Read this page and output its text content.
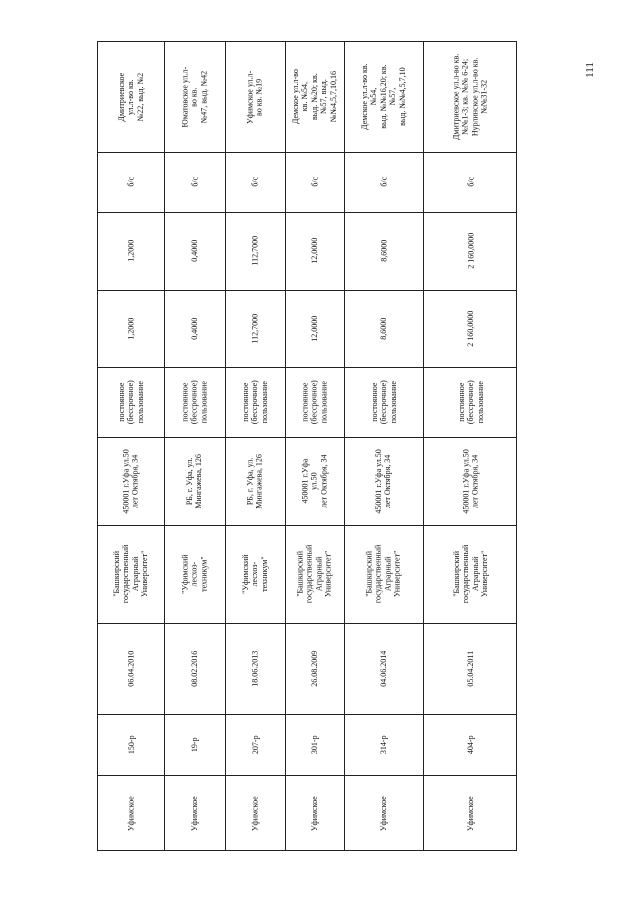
111
Дмитриевское ул.л-во кв.
№22, выд. №2
б/с
1,2000
1,2000
постоянное
(бессрочное)
пользование
450001 г.Уфа ул.50
лет Октября, 34
"Башкирский
государственный
Аграрный
Университет"
06.04.2010
150-р
Уфимское
Юматовское ул.л-во кв.
№47, выд. №42
б/с
0,4000
0,4000
постоянное
(бессрочное)
пользование
РБ, г. Уфа, ул.
Мингажева, 126
"Уфимский лесхоз-
техникум"
08.02.2016
19-р
Уфимское
Уфимское ул.л-во кв. №19
б/с
112,7000
112,7000
постоянное
(бессрочное)
пользование
РБ, г. Уфа, ул.
Мингажева, 126
"Уфимский лесхоз-
техникум"
18.06.2013
207-р
Уфимское
Демское ул.л-во кв. №54,
выд. №20; кв. №57, выд.
№№4,5,7,10,16
б/с
12,0000
12,0000
постоянное
(бессрочное)
пользование
450001 г.Уфа ул.50
лет Октября, 34
"Башкирский
государственный
Аграрный
Университет"
26.08.2009
301-р
Уфимское
Демское ул.л-во кв. №54,
выд. №№16,20; кв. №57,
выд. №№4,5,7,10
б/с
8,6000
8,6000
постоянное
(бессрочное)
пользование
450001 г.Уфа ул.50
лет Октября, 34
"Башкирский
государственный
Аграрный
Университет"
04.06.2014
314-р
Уфимское
Дмитриевское ул.л-во кв.
№№1-3; кв. №№ 6-24;
Нурлинское ул.л-во кв.
№№31-32
б/с
2 160,0000
2 160,0000
постоянное
(бессрочное)
пользование
450001 г.Уфа ул.50
лет Октября, 34
"Башкирский
государственный
Аграрный
Университет"
05.04.2011
404-р
Уфимское
